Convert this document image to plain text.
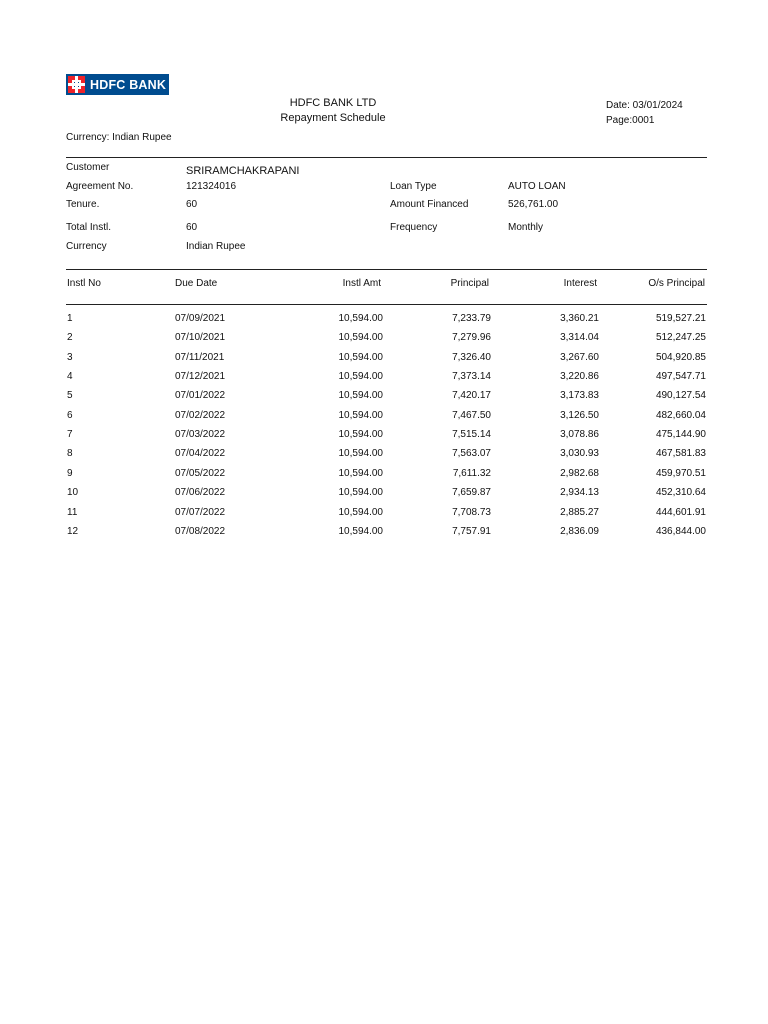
HDFC BANK
HDFC BANK LTD
Repayment Schedule
Date: 03/01/2024
Page:0001
Currency: Indian Rupee
Customer	SRIRAMCHAKRAPANI
Agreement No.	121324016	Loan Type	AUTO LOAN
Tenure.	60	Amount Financed	526,761.00
Total Instl.	60	Frequency	Monthly
Currency	Indian Rupee
Instl No	Due Date	Instl Amt	Principal	Interest	O/s Principal
1	07/09/2021	10,594.00	7,233.79	3,360.21	519,527.21
2	07/10/2021	10,594.00	7,279.96	3,314.04	512,247.25
3	07/11/2021	10,594.00	7,326.40	3,267.60	504,920.85
4	07/12/2021	10,594.00	7,373.14	3,220.86	497,547.71
5	07/01/2022	10,594.00	7,420.17	3,173.83	490,127.54
6	07/02/2022	10,594.00	7,467.50	3,126.50	482,660.04
7	07/03/2022	10,594.00	7,515.14	3,078.86	475,144.90
8	07/04/2022	10,594.00	7,563.07	3,030.93	467,581.83
9	07/05/2022	10,594.00	7,611.32	2,982.68	459,970.51
10	07/06/2022	10,594.00	7,659.87	2,934.13	452,310.64
11	07/07/2022	10,594.00	7,708.73	2,885.27	444,601.91
12	07/08/2022	10,594.00	7,757.91	2,836.09	436,844.00
